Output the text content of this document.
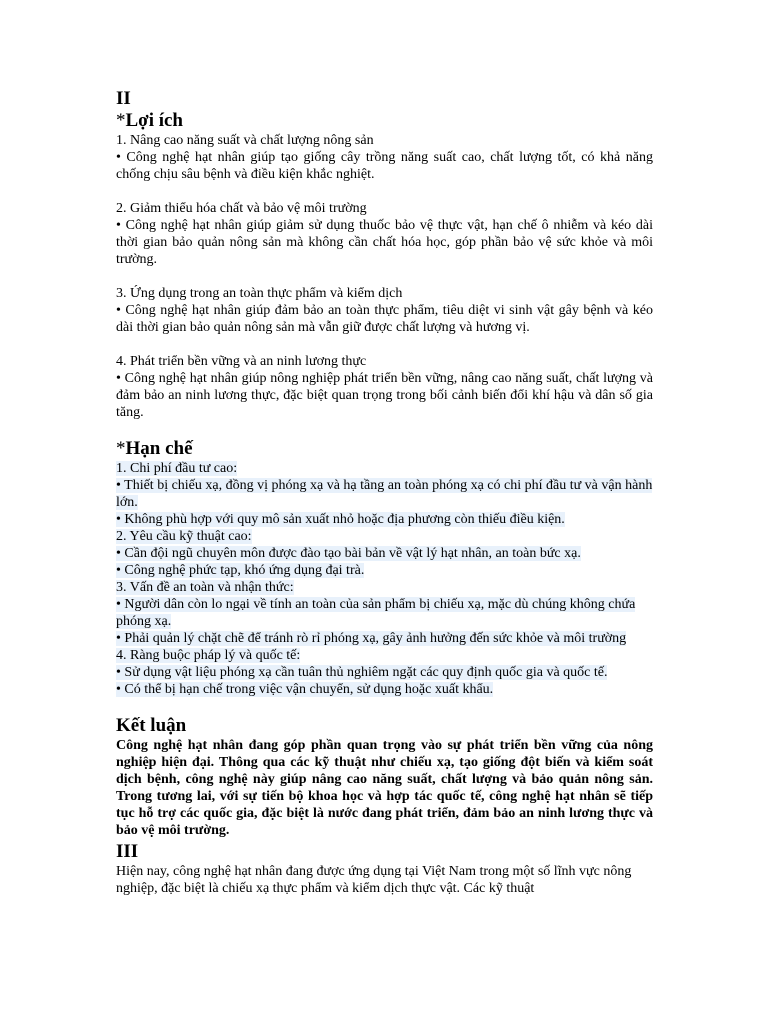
II
*Lợi ích

1. Nâng cao năng suất và chất lượng nông sản

• Công nghệ hạt nhân giúp tạo giống cây trồng năng suất cao, chất lượng tốt, có khả năng chống chịu sâu bệnh và điều kiện khắc nghiệt.

2. Giảm thiểu hóa chất và bảo vệ môi trường

• Công nghệ hạt nhân giúp giảm sử dụng thuốc bảo vệ thực vật, hạn chế ô nhiễm và kéo dài thời gian bảo quản nông sản mà không cần chất hóa học, góp phần bảo vệ sức khỏe và môi trường.

3. Ứng dụng trong an toàn thực phẩm và kiểm dịch

• Công nghệ hạt nhân giúp đảm bảo an toàn thực phẩm, tiêu diệt vi sinh vật gây bệnh và kéo dài thời gian bảo quản nông sản mà vẫn giữ được chất lượng và hương vị.

4. Phát triển bền vững và an ninh lương thực

• Công nghệ hạt nhân giúp nông nghiệp phát triển bền vững, nâng cao năng suất, chất lượng và đảm bảo an ninh lương thực, đặc biệt quan trọng trong bối cảnh biến đổi khí hậu và dân số gia tăng.

*Hạn chế

1. Chi phí đầu tư cao:

• Thiết bị chiếu xạ, đồng vị phóng xạ và hạ tầng an toàn phóng xạ có chi phí đầu tư và vận hành lớn.

• Không phù hợp với quy mô sản xuất nhỏ hoặc địa phương còn thiếu điều kiện.

2. Yêu cầu kỹ thuật cao:

• Cần đội ngũ chuyên môn được đào tạo bài bản về vật lý hạt nhân, an toàn bức xạ.

• Công nghệ phức tạp, khó ứng dụng đại trà.

3. Vấn đề an toàn và nhận thức:

• Người dân còn lo ngại về tính an toàn của sản phẩm bị chiếu xạ, mặc dù chúng không chứa phóng xạ.

• Phải quản lý chặt chẽ để tránh rò rỉ phóng xạ, gây ảnh hưởng đến sức khỏe và môi trường

4. Ràng buộc pháp lý và quốc tế:

• Sử dụng vật liệu phóng xạ cần tuân thủ nghiêm ngặt các quy định quốc gia và quốc tế.

• Có thể bị hạn chế trong việc vận chuyển, sử dụng hoặc xuất khẩu.

Kết luận

Công nghệ hạt nhân đang góp phần quan trọng vào sự phát triển bền vững của nông nghiệp hiện đại. Thông qua các kỹ thuật như chiếu xạ, tạo giống đột biến và kiểm soát dịch bệnh, công nghệ này giúp nâng cao năng suất, chất lượng và bảo quản nông sản. Trong tương lai, với sự tiến bộ khoa học và hợp tác quốc tế, công nghệ hạt nhân sẽ tiếp tục hỗ trợ các quốc gia, đặc biệt là nước đang phát triển, đảm bảo an ninh lương thực và bảo vệ môi trường.

III

Hiện nay, công nghệ hạt nhân đang được ứng dụng tại Việt Nam trong một số lĩnh vực nông nghiệp, đặc biệt là chiếu xạ thực phẩm và kiểm dịch thực vật. Các kỹ thuật
